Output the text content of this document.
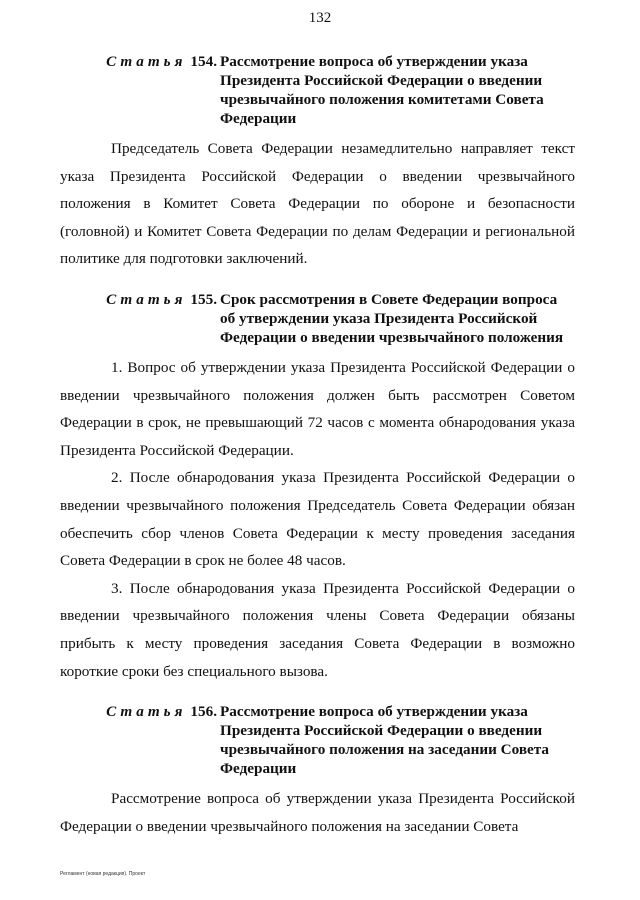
132
Статья 154. Рассмотрение вопроса об утверждении указа Президента Российской Федерации о введении чрезвычайного положения комитетами Совета Федерации

Председатель Совета Федерации незамедлительно направляет текст указа Президента Российской Федерации о введении чрезвычайного положения в Комитет Совета Федерации по обороне и безопасности (головной) и Комитет Совета Федерации по делам Федерации и региональной политике для подготовки заключений.

Статья 155. Срок рассмотрения в Совете Федерации вопроса об утверждении указа Президента Российской Федерации о введении чрезвычайного положения

1. Вопрос об утверждении указа Президента Российской Федерации о введении чрезвычайного положения должен быть рассмотрен Советом Федерации в срок, не превышающий 72 часов с момента обнародования указа Президента Российской Федерации.

2. После обнародования указа Президента Российской Федерации о введении чрезвычайного положения Председатель Совета Федерации обязан обеспечить сбор членов Совета Федерации к месту проведения заседания Совета Федерации в срок не более 48 часов.

3. После обнародования указа Президента Российской Федерации о введении чрезвычайного положения члены Совета Федерации обязаны прибыть к месту проведения заседания Совета Федерации в возможно короткие сроки без специального вызова.

Статья 156. Рассмотрение вопроса об утверждении указа Президента Российской Федерации о введении чрезвычайного положения на заседании Совета Федерации

Рассмотрение вопроса об утверждении указа Президента Российской Федерации о введении чрезвычайного положения на заседании Совета

Регламент (новая редакция). Проект
